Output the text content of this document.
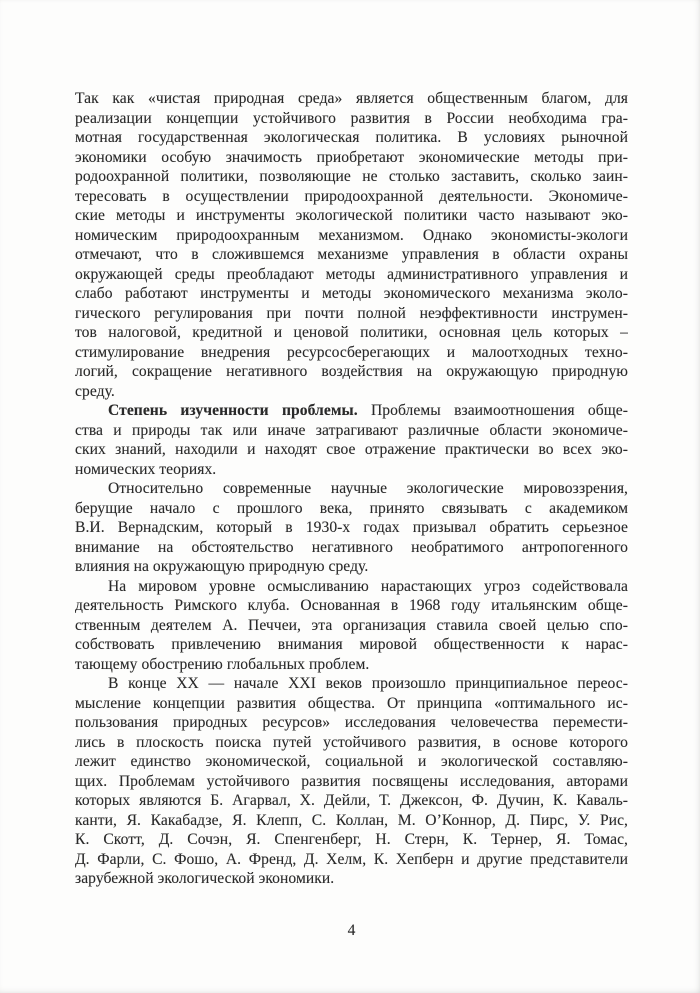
Так как «чистая природная среда» является общественным благом, для
реализации концепции устойчивого развития в России необходима гра-
мотная государственная экологическая политика. В условиях рыночной
экономики особую значимость приобретают экономические методы при-
родоохранной политики, позволяющие не столько заставить, сколько заин-
тересовать в осуществлении природоохранной деятельности. Экономиче-
ские методы и инструменты экологической политики часто называют эко-
номическим природоохранным механизмом. Однако экономисты-экологи
отмечают, что в сложившемся механизме управления в области охраны
окружающей среды преобладают методы административного управления и
слабо работают инструменты и методы экономического механизма эколо-
гического регулирования при почти полной неэффективности инструмен-
тов налоговой, кредитной и ценовой политики, основная цель которых –
стимулирование внедрения ресурсосберегающих и малоотходных техно-
логий, сокращение негативного воздействия на окружающую природную
среду.
Степень изученности проблемы. Проблемы взаимоотношения обще-
ства и природы так или иначе затрагивают различные области экономиче-
ских знаний, находили и находят свое отражение практически во всех эко-
номических теориях.
Относительно современные научные экологические мировоззрения,
берущие начало с прошлого века, принято связывать с академиком
В.И. Вернадским, который в 1930-х годах призывал обратить серьезное
внимание на обстоятельство негативного необратимого антропогенного
влияния на окружающую природную среду.
На мировом уровне осмысливанию нарастающих угроз содействовала
деятельность Римского клуба. Основанная в 1968 году итальянским обще-
ственным деятелем А. Печчеи, эта организация ставила своей целью спо-
собствовать привлечению внимания мировой общественности к нарас-
тающему обострению глобальных проблем.
В конце XX — начале XXI веков произошло принципиальное переос-
мысление концепции развития общества. От принципа «оптимального ис-
пользования природных ресурсов» исследования человечества перемести-
лись в плоскость поиска путей устойчивого развития, в основе которого
лежит единство экономической, социальной и экологической составляю-
щих. Проблемам устойчивого развития посвящены исследования, авторами
которых являются Б. Агарвал, Х. Дейли, Т. Джексон, Ф. Дучин, К. Каваль-
канти, Я. Какабадзе, Я. Клепп, С. Коллан, М. О’Коннор, Д. Пирс, У. Рис,
К. Скотт, Д. Сочэн, Я. Спенгенберг, Н. Стерн, К. Тернер, Я. Томас,
Д. Фарли, С. Фошо, А. Френд, Д. Хелм, К. Хепберн и другие представители
зарубежной экологической экономики.
4
